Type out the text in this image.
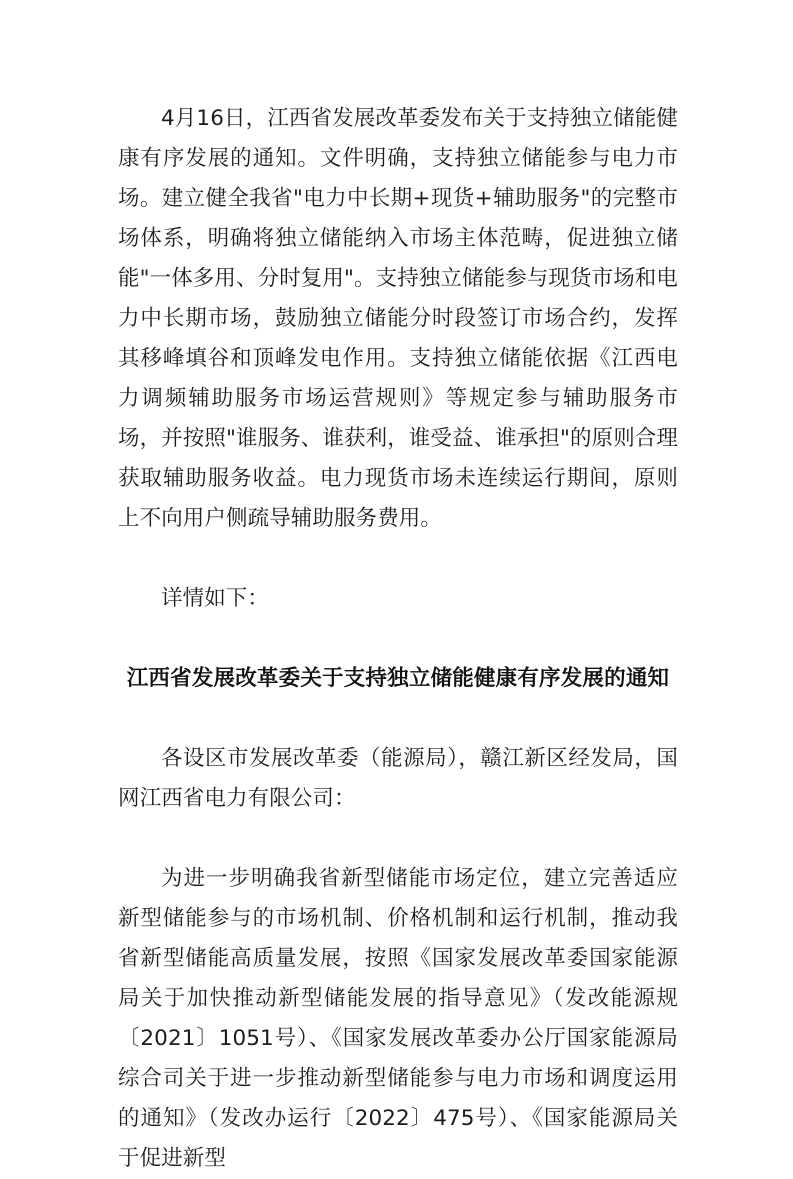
4月16日，江西省发展改革委发布关于支持独立储能健康有序发展的通知。文件明确，支持独立储能参与电力市场。建立健全我省"电力中长期+现货+辅助服务"的完整市场体系，明确将独立储能纳入市场主体范畴，促进独立储能"一体多用、分时复用"。支持独立储能参与现货市场和电力中长期市场，鼓励独立储能分时段签订市场合约，发挥其移峰填谷和顶峰发电作用。支持独立储能依据《江西电力调频辅助服务市场运营规则》等规定参与辅助服务市场，并按照"谁服务、谁获利，谁受益、谁承担"的原则合理获取辅助服务收益。电力现货市场未连续运行期间，原则上不向用户侧疏导辅助服务费用。

详情如下：

江西省发展改革委关于支持独立储能健康有序发展的通知

各设区市发展改革委（能源局），赣江新区经发局，国网江西省电力有限公司：

为进一步明确我省新型储能市场定位，建立完善适应新型储能参与的市场机制、价格机制和运行机制，推动我省新型储能高质量发展，按照《国家发展改革委国家能源局关于加快推动新型储能发展的指导意见》（发改能源规〔2021〕1051号）、《国家发展改革委办公厅国家能源局综合司关于进一步推动新型储能参与电力市场和调度运用的通知》（发改办运行〔2022〕475号）、《国家能源局关于促进新型
